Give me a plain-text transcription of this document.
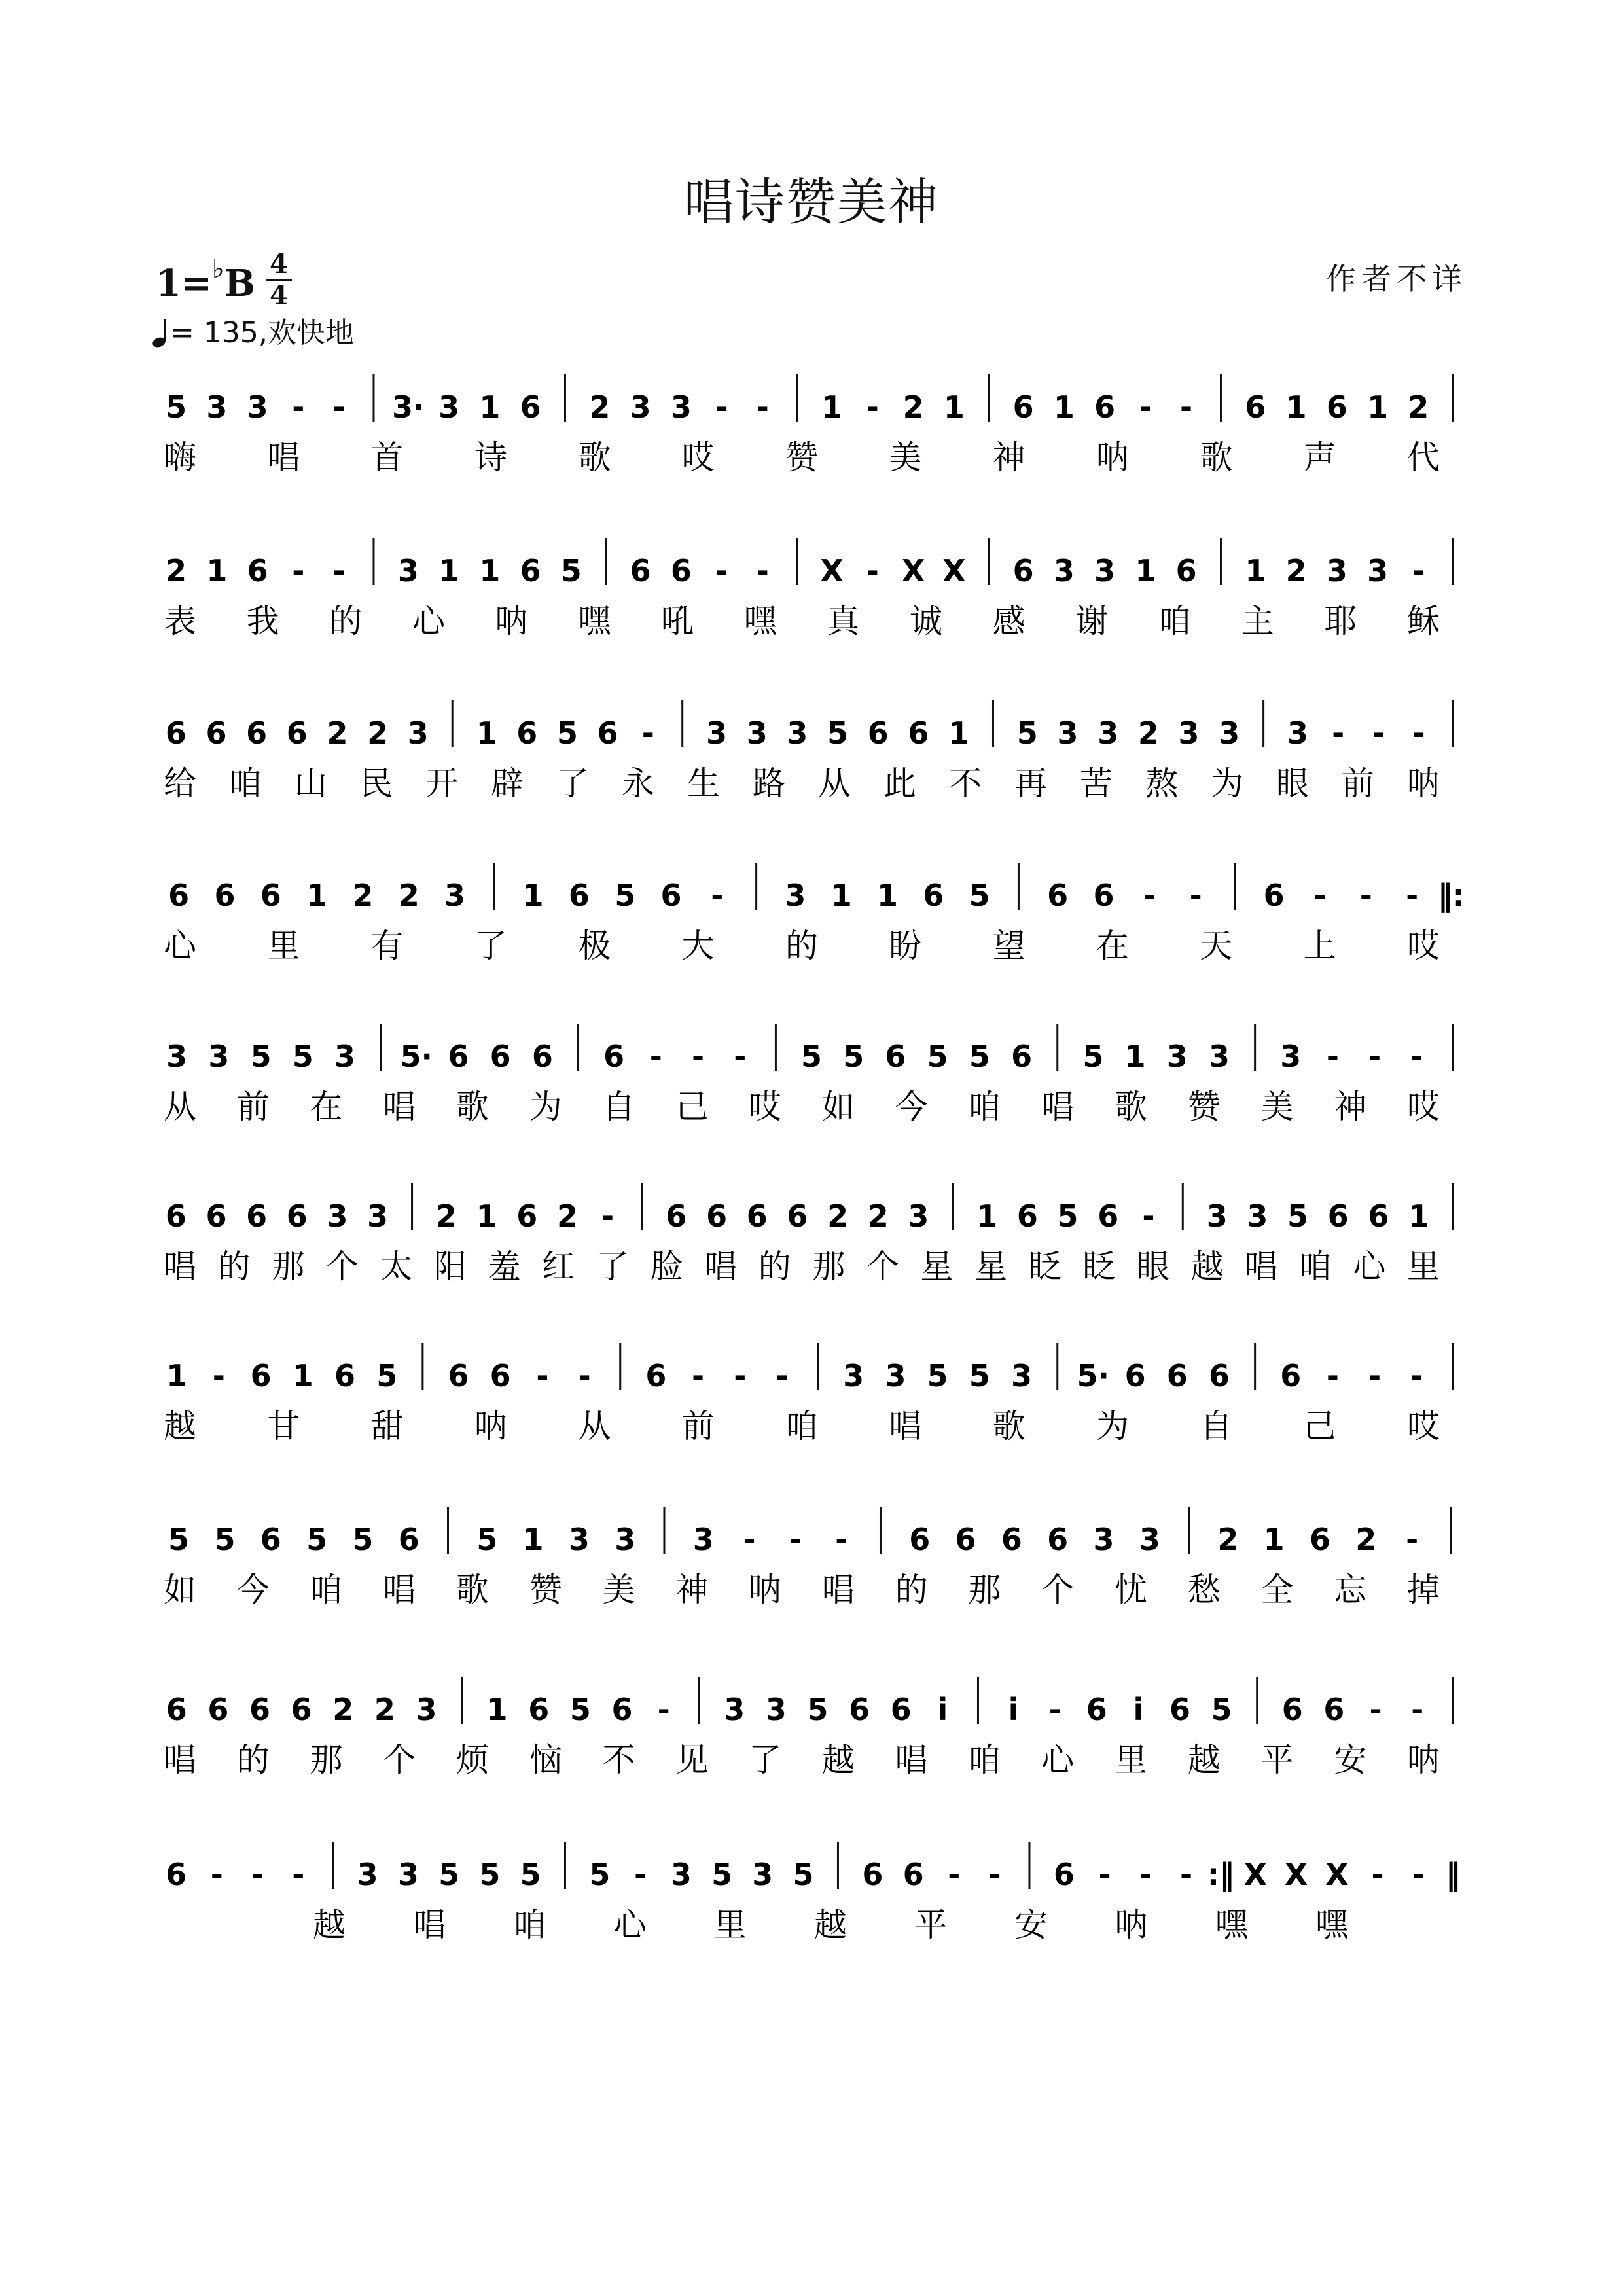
唱诗赞美神
1=♭B 4
4	作者不详
= 135,欢快地
5 3 3 - - 3· 3 1 6 2 3 3 - - 1 - 2 1 6 1 6 - - 6 1 6 1 2
嗨 唱 首 诗 歌 哎 赞 美 神 呐 歌 声 代
2 1 6 - - 3 1 1 6 5 6 6 - - X - X X 6 3 3 1 6 1 2 3 3 -
表 我 的 心 呐 嘿 吼 嘿 真 诚 感 谢 咱 主 耶 稣
6 6 6 6 2 2 3 1 6 5 6 - 3 3 3 5 6 6 1 5 3 3 2 3 3 3 - - -
给 咱 山 民 开 辟 了 永 生 路 从 此 不 再 苦 熬 为 眼 前 呐
6 6 6 1 2 2 3 1 6 5 6 - 3 1 1 6 5 6 6 - - 6 - - - ‖:
心 里 有 了 极 大 的 盼 望 在 天 上 哎
3 3 5 5 3 5· 6 6 6 6 - - - 5 5 6 5 5 6 5 1 3 3 3 - - -
从 前 在 唱 歌 为 自 己 哎 如 今 咱 唱 歌 赞 美 神 哎
6 6 6 6 3 3 2 1 6 2 - 6 6 6 6 2 2 3 1 6 5 6 - 3 3 5 6 6 1
唱 的 那 个 太 阳 羞 红 了 脸 唱 的 那 个 星 星 眨 眨 眼 越 唱 咱 心 里
1 - 6 1 6 5 6 6 - - 6 - - - 3 3 5 5 3 5· 6 6 6 6 - - -
越 甘 甜 呐 从 前 咱 唱 歌 为 自 己 哎
5 5 6 5 5 6 5 1 3 3 3 - - - 6 6 6 6 3 3 2 1 6 2 -
如 今 咱 唱 歌 赞 美 神 呐 唱 的 那 个 忧 愁 全 忘 掉
6 6 6 6 2 2 3 1 6 5 6 - 3 3 5 6 6 i i - 6 i 6 5 6 6 - -
唱 的 那 个 烦 恼 不 见 了 越 唱 咱 心 里 越 平 安 呐
6 - - - 3 3 5 5 5 5 - 3 5 3 5 6 6 - - 6 - - - :‖ X X X - - ‖
越 唱 咱 心 里 越 平 安 呐 嘿 嘿
